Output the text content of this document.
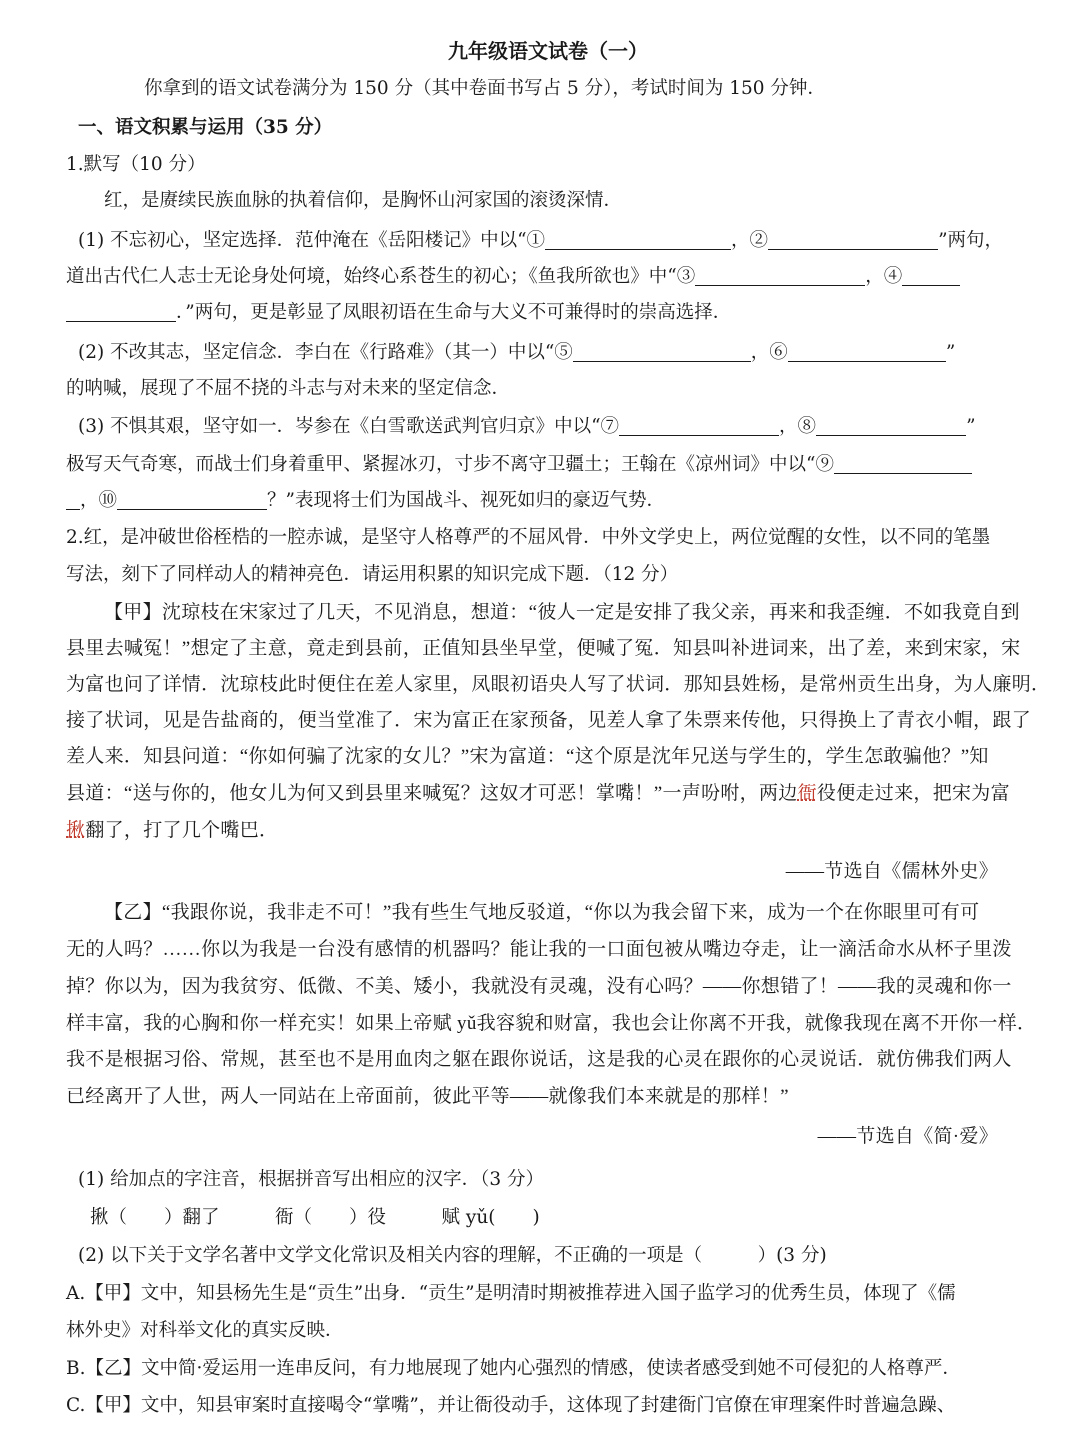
九年级语文试卷（一）
你拿到的语文试卷满分为 150 分（其中卷面书写占 5 分），考试时间为 150 分钟．
一、语文积累与运用（35 分）
1.默写（10 分）
红，是赓续民族血脉的执着信仰，是胸怀山河家国的滚烫深情．
(1) 不忘初心，坚定选择．范仲淹在《岳阳楼记》中以“①	，②	”两句，
道出古代仁人志士无论身处何境，始终心系苍生的初心；《鱼我所欲也》中“③	，④
．”两句，更是彰显了凤眼初语在生命与大义不可兼得时的崇高选择．
(2) 不改其志，坚定信念．李白在《行路难》（其一）中以“⑤	，⑥	”
的呐喊，展现了不屈不挠的斗志与对未来的坚定信念．
(3) 不惧其艰，坚守如一．岑参在《白雪歌送武判官归京》中以“⑦	，⑧	”
极写天气奇寒，而战士们身着重甲、紧握冰刃，寸步不离守卫疆土；王翰在《凉州词》中以“⑨
，⑩	？”表现将士们为国战斗、视死如归的豪迈气势．
2.红，是冲破世俗桎梏的一腔赤诚，是坚守人格尊严的不屈风骨．中外文学史上，两位觉醒的女性，以不同的笔墨
写法，刻下了同样动人的精神亮色．请运用积累的知识完成下题．（12 分）
【甲】沈琼枝在宋家过了几天，不见消息，想道：“彼人一定是安排了我父亲，再来和我歪缠．不如我竟自到
县里去喊冤！”想定了主意，竟走到县前，正值知县坐早堂，便喊了冤．知县叫补进词来，出了差，来到宋家，宋
为富也问了详情．沈琼枝此时便住在差人家里，凤眼初语央人写了状词．那知县姓杨，是常州贡生出身，为人廉明．
接了状词，见是告盐商的，便当堂准了．宋为富正在家预备，见差人拿了朱票来传他，只得换上了青衣小帽，跟了
差人来．知县问道：“你如何骗了沈家的女儿？”宋为富道：“这个原是沈年兄送与学生的，学生怎敢骗他？”知
县道：“送与你的，他女儿为何又到县里来喊冤？这奴才可恶！掌嘴！”一声吩咐，两边衙役便走过来，把宋为富
揪翻了，打了几个嘴巴．
——节选自《儒林外史》
【乙】“我跟你说，我非走不可！”我有些生气地反驳道，“你以为我会留下来，成为一个在你眼里可有可
无的人吗？……你以为我是一台没有感情的机器吗？能让我的一口面包被从嘴边夺走，让一滴活命水从杯子里泼
掉？你以为，因为我贫穷、低微、不美、矮小，我就没有灵魂，没有心吗？——你想错了！——我的灵魂和你一
样丰富，我的心胸和你一样充实！如果上帝赋 yǔ我容貌和财富，我也会让你离不开我，就像我现在离不开你一样．
我不是根据习俗、常规，甚至也不是用血肉之躯在跟你说话，这是我的心灵在跟你的心灵说话．就仿佛我们两人
已经离开了人世，两人一同站在上帝面前，彼此平等——就像我们本来就是的那样！”
——节选自《简·爱》
(1) 给加点的字注音，根据拼音写出相应的汉字．（3 分）
揪（　　）翻了　　　衙（　　）役　　　赋 yǔ(　　)
(2) 以下关于文学名著中文学文化常识及相关内容的理解，不正确的一项是（　　　）(3 分)
A.【甲】文中，知县杨先生是“贡生”出身．“贡生”是明清时期被推荐进入国子监学习的优秀生员，体现了《儒
林外史》对科举文化的真实反映．
B.【乙】文中简·爱运用一连串反问，有力地展现了她内心强烈的情感，使读者感受到她不可侵犯的人格尊严．
C.【甲】文中，知县审案时直接喝令“掌嘴”，并让衙役动手，这体现了封建衙门官僚在审理案件时普遍急躁、
